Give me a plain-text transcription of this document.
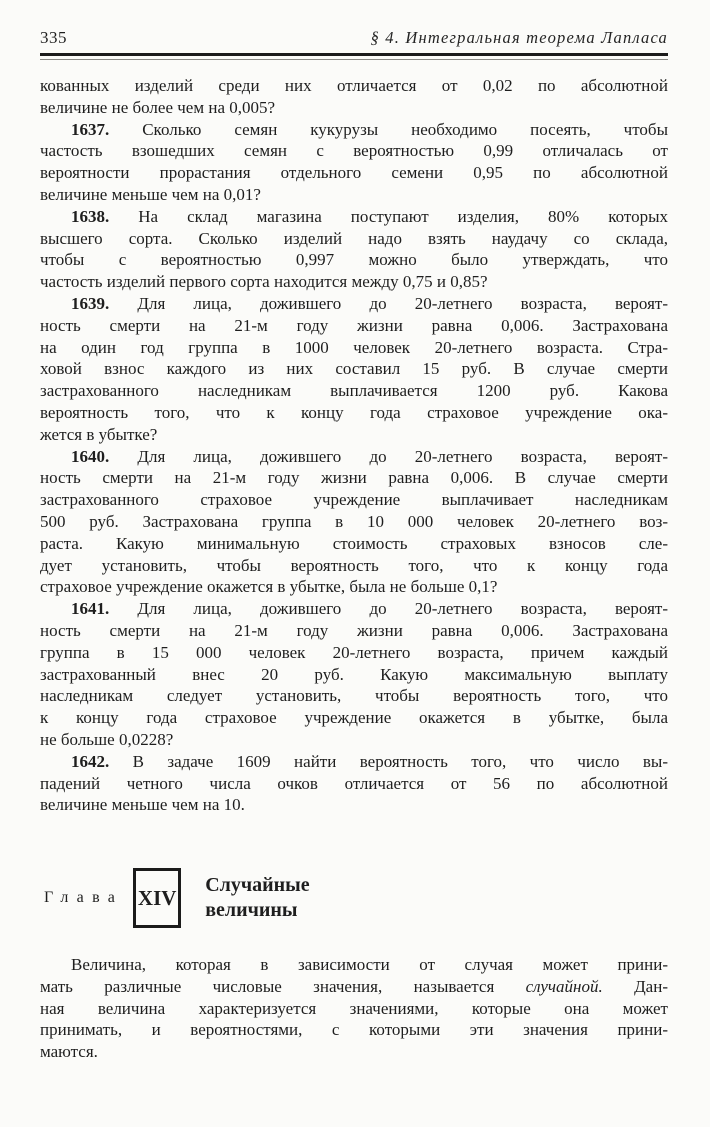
335	§ 4. Интегральная теорема Лапласа
кованных изделий среди них отличается от 0,02 по абсолютной
величине не более чем на 0,005?
1637. Сколько семян кукурузы необходимо посеять, чтобы
частость взошедших семян с вероятностью 0,99 отличалась от
вероятности прорастания отдельного семени 0,95 по абсолютной
величине меньше чем на 0,01?
1638. На склад магазина поступают изделия, 80% которых
высшего сорта. Сколько изделий надо взять наудачу со склада,
чтобы с вероятностью 0,997 можно было утверждать, что
частость изделий первого сорта находится между 0,75 и 0,85?
1639. Для лица, дожившего до 20-летнего возраста, вероят-
ность смерти на 21-м году жизни равна 0,006. Застрахована
на один год группа в 1000 человек 20-летнего возраста. Стра-
ховой взнос каждого из них составил 15 руб. В случае смерти
застрахованного наследникам выплачивается 1200 руб. Какова
вероятность того, что к концу года страховое учреждение ока-
жется в убытке?
1640. Для лица, дожившего до 20-летнего возраста, вероят-
ность смерти на 21-м году жизни равна 0,006. В случае смерти
застрахованного страховое учреждение выплачивает наследникам
500 руб. Застрахована группа в 10 000 человек 20-летнего воз-
раста. Какую минимальную стоимость страховых взносов сле-
дует установить, чтобы вероятность того, что к концу года
страховое учреждение окажется в убытке, была не больше 0,1?
1641. Для лица, дожившего до 20-летнего возраста, вероят-
ность смерти на 21-м году жизни равна 0,006. Застрахована
группа в 15 000 человек 20-летнего возраста, причем каждый
застрахованный внес 20 руб. Какую максимальную выплату
наследникам следует установить, чтобы вероятность того, что
к концу года страховое учреждение окажется в убытке, была
не больше 0,0228?
1642. В задаче 1609 найти вероятность того, что число вы-
падений четного числа очков отличается от 56 по абсолютной
величине меньше чем на 10.
Глава XIV
Случайные
величины
Величина, которая в зависимости от случая может прини-
мать различные числовые значения, называется случайной. Дан-
ная величина характеризуется значениями, которые она может
принимать, и вероятностями, с которыми эти значения прини-
маются.
